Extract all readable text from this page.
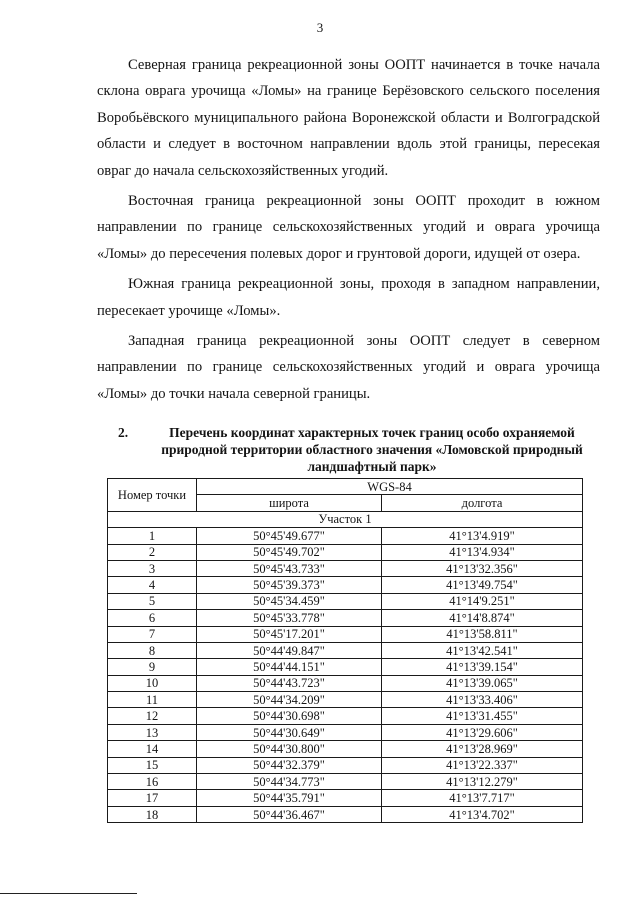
3

Северная граница рекреационной зоны ООПТ начинается в точке начала склона оврага урочища «Ломы» на границе Берёзовского сельского поселения Воробьёвского муниципального района Воронежской области и Волгоградской области и следует в восточном направлении вдоль этой границы, пересекая овраг до начала сельскохозяйственных угодий.

Восточная граница рекреационной зоны ООПТ проходит в южном направлении по границе сельскохозяйственных угодий и оврага урочища «Ломы» до пересечения полевых дорог и грунтовой дороги, идущей от озера.

Южная граница рекреационной зоны, проходя в западном направлении, пересекает урочище «Ломы».

Западная граница рекреационной зоны ООПТ следует в северном направлении по границе сельскохозяйственных угодий и оврага урочища «Ломы» до точки начала северной границы.

2.	Перечень координат характерных точек границ особо охраняемой природной территории областного значения «Ломовской природный ландшафтный парк»
Номер точки	WGS-84	
	широта	долгота
Участок 1		
1	50°45'49.677"	41°13'4.919"
2	50°45'49.702"	41°13'4.934"
3	50°45'43.733"	41°13'32.356"
4	50°45'39.373"	41°13'49.754"
5	50°45'34.459"	41°14'9.251"
6	50°45'33.778"	41°14'8.874"
7	50°45'17.201"	41°13'58.811"
8	50°44'49.847"	41°13'42.541"
9	50°44'44.151"	41°13'39.154"
10	50°44'43.723"	41°13'39.065"
11	50°44'34.209"	41°13'33.406"
12	50°44'30.698"	41°13'31.455"
13	50°44'30.649"	41°13'29.606"
14	50°44'30.800"	41°13'28.969"
15	50°44'32.379"	41°13'22.337"
16	50°44'34.773"	41°13'12.279"
17	50°44'35.791"	41°13'7.717"
18	50°44'36.467"	41°13'4.702"
